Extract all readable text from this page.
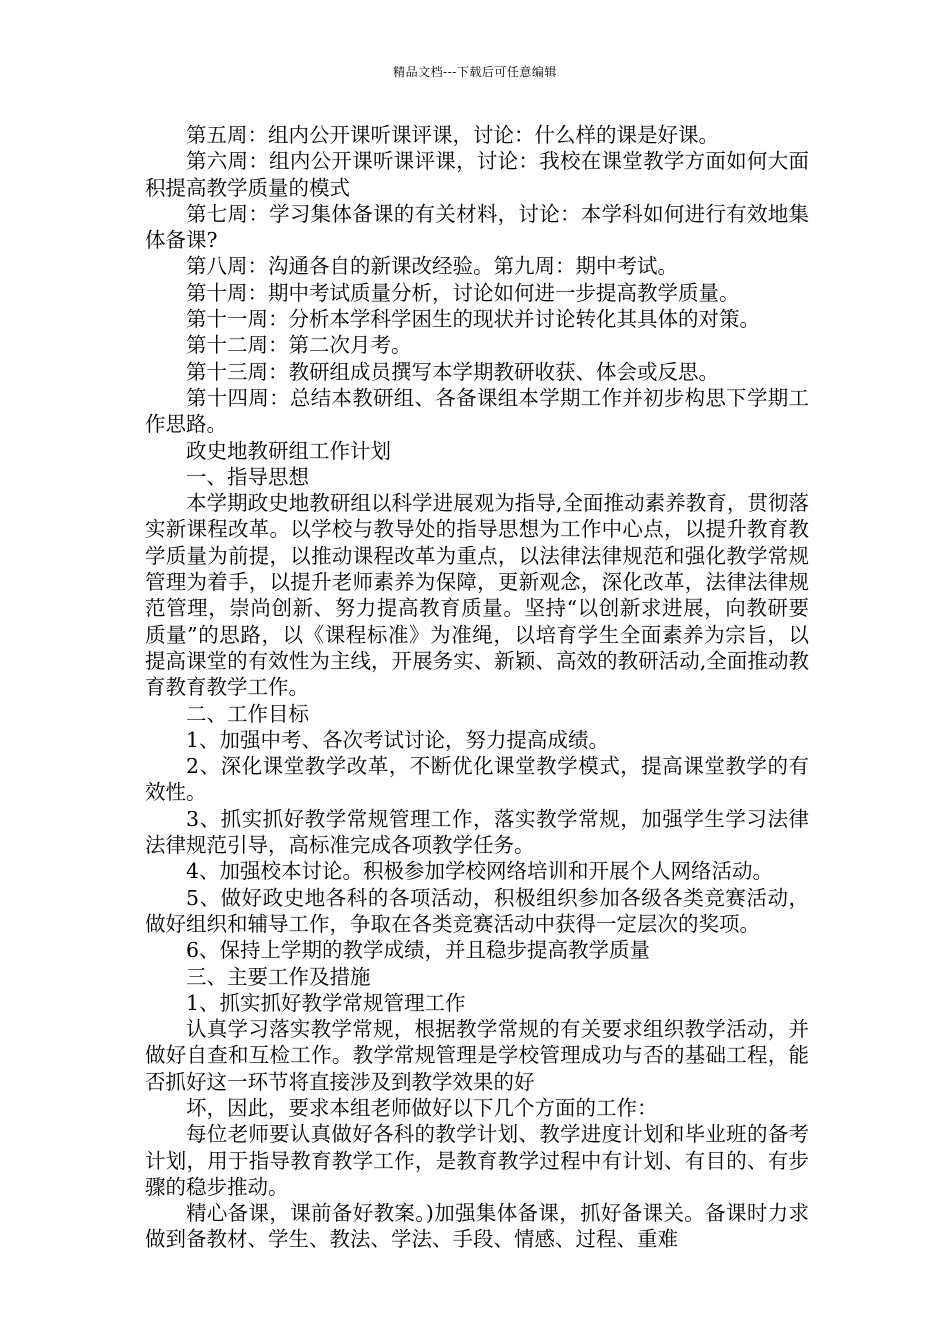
精品文档---下载后可任意编辑

第五周：组内公开课听课评课，讨论：什么样的课是好课。

第六周：组内公开课听课评课，讨论：我校在课堂教学方面如何大面积提高教学质量的模式

第七周：学习集体备课的有关材料，讨论：本学科如何进行有效地集体备课?

第八周：沟通各自的新课改经验。第九周：期中考试。

第十周：期中考试质量分析，讨论如何进一步提高教学质量。

第十一周：分析本学科学困生的现状并讨论转化其具体的对策。

第十二周：第二次月考。

第十三周：教研组成员撰写本学期教研收获、体会或反思。

第十四周：总结本教研组、各备课组本学期工作并初步构思下学期工作思路。

政史地教研组工作计划

一、指导思想

本学期政史地教研组以科学进展观为指导,全面推动素养教育，贯彻落实新课程改革。以学校与教导处的指导思想为工作中心点，以提升教育教学质量为前提，以推动课程改革为重点，以法律法律规范和强化教学常规管理为着手，以提升老师素养为保障，更新观念，深化改革，法律法律规范管理，崇尚创新、努力提高教育质量。坚持“以创新求进展，向教研要质量”的思路，以《课程标准》为准绳，以培育学生全面素养为宗旨，以提高课堂的有效性为主线，开展务实、新颖、高效的教研活动,全面推动教育教育教学工作。

二、工作目标

1、加强中考、各次考试讨论，努力提高成绩。

2、深化课堂教学改革，不断优化课堂教学模式，提高课堂教学的有效性。

3、抓实抓好教学常规管理工作，落实教学常规，加强学生学习法律法律规范引导，高标准完成各项教学任务。

4、加强校本讨论。积极参加学校网络培训和开展个人网络活动。

5、做好政史地各科的各项活动，积极组织参加各级各类竞赛活动，做好组织和辅导工作，争取在各类竞赛活动中获得一定层次的奖项。

6、保持上学期的教学成绩，并且稳步提高教学质量

三、主要工作及措施

1、抓实抓好教学常规管理工作

认真学习落实教学常规，根据教学常规的有关要求组织教学活动，并做好自查和互检工作。教学常规管理是学校管理成功与否的基础工程，能否抓好这一环节将直接涉及到教学效果的好

坏，因此，要求本组老师做好以下几个方面的工作：

每位老师要认真做好各科的教学计划、教学进度计划和毕业班的备考计划，用于指导教育教学工作，是教育教学过程中有计划、有目的、有步骤的稳步推动。

精心备课，课前备好教案。)加强集体备课，抓好备课关。备课时力求做到备教材、学生、教法、学法、手段、情感、过程、重难
